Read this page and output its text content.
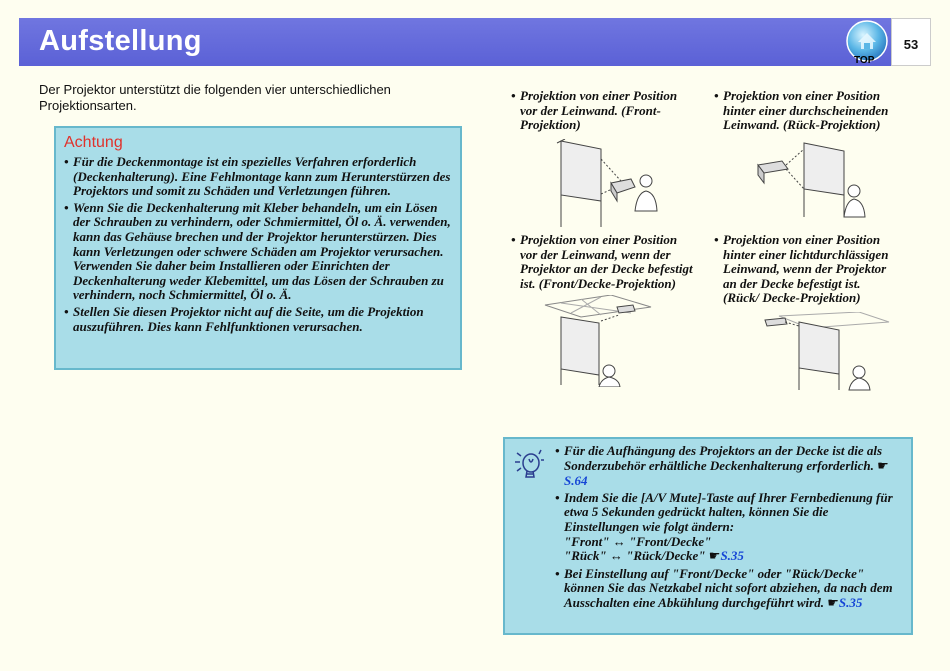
Aufstellung
TOP
53
Der Projektor unterstützt die folgenden vier unterschiedlichen Projektionsarten.
Achtung
• Für die Deckenmontage ist ein spezielles Verfahren erforderlich (Deckenhalterung). Eine Fehlmontage kann zum Herunterstürzen des Projektors und somit zu Schäden und Verletzungen führen.
• Wenn Sie die Deckenhalterung mit Kleber behandeln, um ein Lösen der Schrauben zu verhindern, oder Schmiermittel, Öl o. Ä. verwenden, kann das Gehäuse brechen und der Projektor herunterstürzen. Dies kann Verletzungen oder schwere Schäden am Projektor verursachen.
Verwenden Sie daher beim Installieren oder Einrichten der Deckenhalterung weder Klebemittel, um das Lösen der Schrauben zu verhindern, noch Schmiermittel, Öl o. Ä.
• Stellen Sie diesen Projektor nicht auf die Seite, um die Projektion auszuführen. Dies kann Fehlfunktionen verursachen.
• Projektion von einer Position vor der Leinwand. (Front-Projektion)
• Projektion von einer Position hinter einer durchscheinenden Leinwand. (Rück-Projektion)
• Projektion von einer Position vor der Leinwand, wenn der Projektor an der Decke befestigt ist. (Front/Decke-Projektion)
• Projektion von einer Position hinter einer lichtdurchlässigen Leinwand, wenn der Projektor an der Decke befestigt ist. (Rück/ Decke-Projektion)
• Für die Aufhängung des Projektors an der Decke ist die als Sonderzubehör erhältliche Deckenhalterung erforderlich. ☛S.64
• Indem Sie die [A/V Mute]-Taste auf Ihrer Fernbedienung für etwa 5 Sekunden gedrückt halten, können Sie die Einstellungen wie folgt ändern:
"Front" ↔ "Front/Decke"
"Rück" ↔ "Rück/Decke" ☛S.35
• Bei Einstellung auf "Front/Decke" oder "Rück/Decke" können Sie das Netzkabel nicht sofort abziehen, da nach dem Ausschalten eine Abkühlung durchgeführt wird. ☛S.35
